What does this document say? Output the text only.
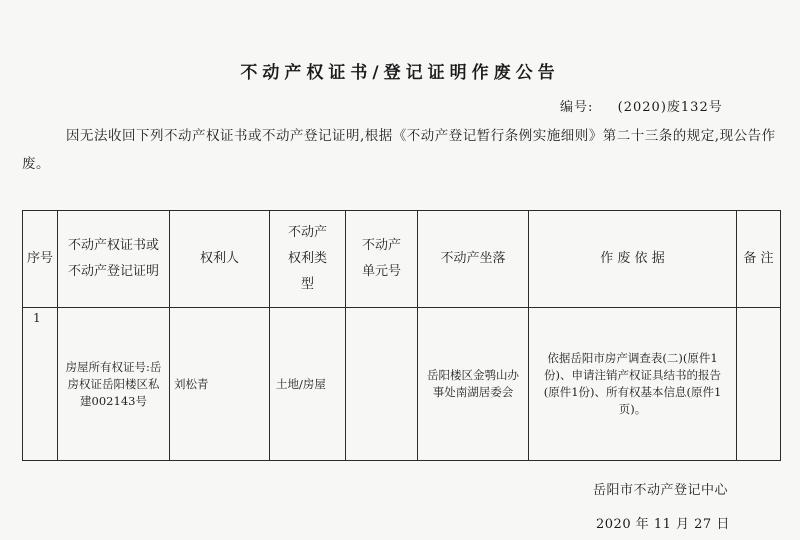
不动产权证书/登记证明作废公告
编号: (2020)废132号
因无法收回下列不动产权证书或不动产登记证明,根据《不动产登记暂行条例实施细则》第二十三条的规定,现公告作废。
序号	不动产权证书或不动产登记证明	权利人	不动产权利类型	不动产单元号	不动产坐落	作 废 依 据	备 注
1	房屋所有权证号:岳房权证岳阳楼区私建002143号	刘松青	土地/房屋		岳阳楼区金鹗山办事处南湖居委会	依据岳阳市房产调查表(二)(原件1份)、申请注销产权证具结书的报告(原件1份)、所有权基本信息(原件1页)。	
岳阳市不动产登记中心
2020 年 11 月 27 日
